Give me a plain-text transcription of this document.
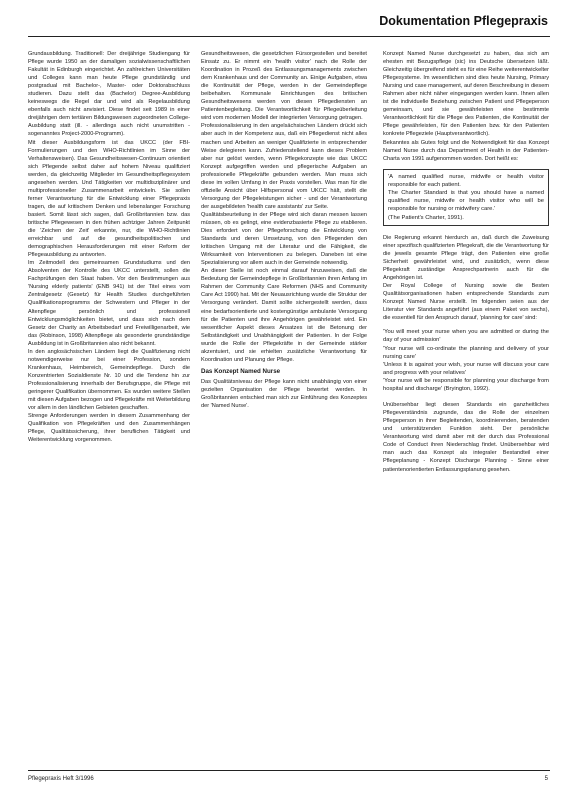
Dokumentation Pflegepraxis

Grundausbildung. Traditionell: Der dreijährige Studiengang für Pflege wurde 1950 an der damaligen sozialwissenschaftlichen Fakultät in Edinburgh eingerichtet. An zahlreichen Universitäten und Colleges kann man heute Pflege grundständig und postgradual mit Bachelor-, Master- oder Doktorabschluss studieren. Dazu stellt das (Bachelor) Degree-Ausbildung keineswegs die Regel dar und wird als Regelausbildung ebenfalls auch nicht anvisiert. Diese findet seit 1989 in einer dreijährigen dem tertiären Bildungswesen zugeordneten College-Ausbildung statt (ill. - allerdings auch nicht unumstritten - sogenanntes Project-2000-Programm).

Mit dieser Ausbildungsform ist das UKCC (der FBI-Formulierungen und den WHO-Richtlinien im Sinne der Verhaltensweisen). Das Gesundheitswesen-Continuum orientiert sich Pflegende selbst daher auf hohem Niveau qualifiziert werden, da gleichzeitig Mitglieder im Gesundheitspflegesystem angesehen werden. Und Tätigkeiten vor multidisziplinärer und multiprofessioneller Zusammenarbeit entwickeln. Sie sollen ferner Verantwortung für die Entwicklung einer Pflegepraxis tragen, die auf kritischem Denken und lebenslanger Forschung basiert. Somit lässt sich sagen, daß Großbritannien bzw. das britische Pflegewesen in den frühen achtziger Jahren Zeitpunkt die 'Zeichen der Zeit' erkannte, nur, die WHO-Richtlinien erreichbar und auf die gesundheitspolitischen und demographischen Herausforderungen mit einer Reform der Pflegeausbildung zu antworten.

Im Zeitmodell des gemeinsamen Grundstudiums und den Absolventen der Kontrolle des UKCC unterstellt, sollen die Fachprüfungen den Staat haben. Vor den Bestimmungen aus 'Nursing elderly patients' (ENB 941) ist der Titel eines vom Zentralgesetz (Gesetz) für Health Studies durchgeführten Qualifikationsprogramms der Schwestern und Pfleger in der Altenpflege persönlich und professionell Entwicklungsmöglichkeiten bietet, und dass sich nach dem Gesetz der Charity an Arbeitsbedarf und Freiwilligenarbeit, wie das (Robinson, 1998) Altenpflege als gesonderte grundständige Ausbildung ist in Großbritannien also nicht bekannt.

In den anglosächsischen Ländern liegt die Qualifizierung nicht notwendigerweise nur bei einer Profession, sondern Krankenhaus, Heimbereich, Gemeindepflege. Durch die Konzentrierten Sozialdienste Nr. 10 und die Tendenz hin zur Professionalisierung innerhalb der Berufsgruppe, die Pflege mit geringerer Qualifikation übernommen. Es wurden weitere Stellen mit diesen Aufgaben bezogen und Pflegekräfte mit Weiterbildung vor allem in den ländlichen Gebieten geschaffen.

Strenge Anforderungen werden in diesem Zusammenhang der Qualifikation von Pflegekräften und den Zusammenhängen Pflege, Qualitätssicherung, ihrer beruflichen Tätigkeit und Weiterentwicklung vorgenommen.

Gesundheitswesen, die gesetzlichen Fürsorgestellen und bereitet Einsatz zu. Er nimmt ein 'health visitor' nach die Rolle der Koordination in Prozeß des Entlassungsmanagements zwischen dem Krankenhaus und der Community an. Einige Aufgaben, etwa die Kontinuität der Pflege, werden in der Gemeindepflege beibehalten. Kommunale Einrichtungen des britischen Gesundheitswesens werden von diesen Pflegediensten an Patientenbegleitung. Die Verantwortlichkeit für Pflegeüberleitung wird vom modernen Modell der integrierten Versorgung getragen.

Professionalisierung in den angelsächsischen Ländern drückt sich aber auch in der Kompetenz aus, daß ein Pflegedienst nicht alles machen und Arbeiten an weniger Qualifizierte in entsprechender Weise delegieren kann. Zufriedenstellend kann dieses Problem aber nur gelöst werden, wenn Pflegekonzepte wie das UKCC Konzept aufgegriffen werden und pflegerische Aufgaben an professionelle Pflegekräfte gebunden werden. Man muss sich diese im vollen Umfang in der Praxis vorstellen. Was man für die offizielle Ansicht über Hilfspersonal vom UKCC hält, stellt die Versorgung der Pflegeleistungen sicher - und der Verantwortung der ausgebildeten 'health care assistants' zur Seite.

Qualitätsbeurteilung in der Pflege wird sich daran messen lassen müssen, ob es gelingt, eine evidenzbasierte Pflege zu etablieren. Dies erfordert von der Pflegeforschung die Entwicklung von Standards und deren Umsetzung, von den Pflegenden den kritischen Umgang mit der Literatur und die Fähigkeit, die Wirksamkeit von Interventionen zu belegen. Daneben ist eine Spezialisierung vor allem auch in der Gemeinde notwendig.

An dieser Stelle ist noch einmal darauf hinzuweisen, daß die Bedeutung der Gemeindepflege in Großbritannien ihren Anfang im Rahmen der Community Care Reformen (NHS and Community Care Act 1990) hat. Mit der Neuausrichtung wurde die Struktur der Versorgung verändert. Damit sollte sichergestellt werden, dass eine bedarfsorientierte und kostengünstige ambulante Versorgung für die Patienten und ihre Angehörigen gewährleistet wird. Ein wesentlicher Aspekt dieses Ansatzes ist die Betonung der Selbständigkeit und Unabhängigkeit der Patienten. In der Folge wurde die Rolle der Pflegekräfte in der Gemeinde stärker akzentuiert, und sie erhielten zusätzliche Verantwortung für Koordination und Planung der Pflege.

Das Konzept Named Nurse

Das Qualitätsniveau der Pflege kann nicht unabhängig von einer gezielten Organisation der Pflege bewertet werden. In Großbritannien entschied man sich zur Einführung des Konzeptes der 'Named Nurse'.

Konzept Named Nurse durchgesetzt zu haben, das sich am ehesten mit Bezugspflege (sic) ins Deutsche übersetzen läßt. Gleichzeitig übergreifend steht es für eine Reihe weiterentwickelter Pflegesysteme. Im wesentlichen sind dies heute Nursing, Primary Nursing und case management, auf deren Beschreibung in diesem Rahmen aber nicht näher eingegangen werden kann. Ihnen allen ist die individuelle Beziehung zwischen Patient und Pflegeperson gemeinsam, und sie gewährleisten eine bestimmte Verantwortlichkeit für die Pflege des Patienten, die Kontinuität der Pflege gewährleisten, für den Patienten bzw. für den Patienten konkrete Pflegeziele (Hauptverantwortlich).

Bekanntes als Gutes folgt und die Notwendigkeit für das Konzept Named Nurse durch das Department of Health in der Patienten-Charta von 1991 aufgenommen worden. Dort heißt es:

'A named qualified nurse, midwife or health visitor responsible for each patient.

The Charter Standard is that you should have a named qualified nurse, midwife or health visitor who will be responsible for nursing or midwifery care.'

(The Patient's Charter, 1991).

Die Regierung erkannt hierdurch an, daß durch die Zuweisung einer spezifisch qualifizierten Pflegekraft, die die Verantwortung für die jeweils gesamte Pflege trägt, den Patienten eine große Sicherheit gewährleistet wird, und zusätzlich, wenn diese Pflegekraft zuständige Ansprechpartnerin auch für die Angehörigen ist.

Der Royal College of Nursing sowie die Besten Qualitätsorganisationen haben entsprechende Standards zum Konzept Named Nurse erstellt. Im folgenden seien aus der Literatur vier Standards angeführt (aus einem Paket von sechs), die essentiell für den Anspruch darauf, 'planning for care' sind:

'You will meet your nurse when you are admitted or during the day of your admission'

'Your nurse will co-ordinate the planning and delivery of your nursing care'

'Unless it is against your wish, your nurse will discuss your care and progress with your relatives'

'Your nurse will be responsible for planning your discharge from hospital and discharge' (Bryington, 1992).

Unübersehbar liegt diesen Standards ein ganzheitliches Pflegeverständnis zugrunde, das die Rolle der einzelnen Pflegeperson in ihrer Begleitenden, koordinierenden, beratenden und unterstützenden Funktion sieht. Der persönliche Verantwortung wird damit aber mit der durch das Professional Code of Conduct ihren Niederschlag findet. Unübersehbar wird man auch das Konzept als integraler Bestandteil einer Pflegeplanung - Konzept Discharge Planning - Sinne einer patientenorientierten Entlassungsplanung gesehen.

Pflegepraxis Heft 3/1996	5
